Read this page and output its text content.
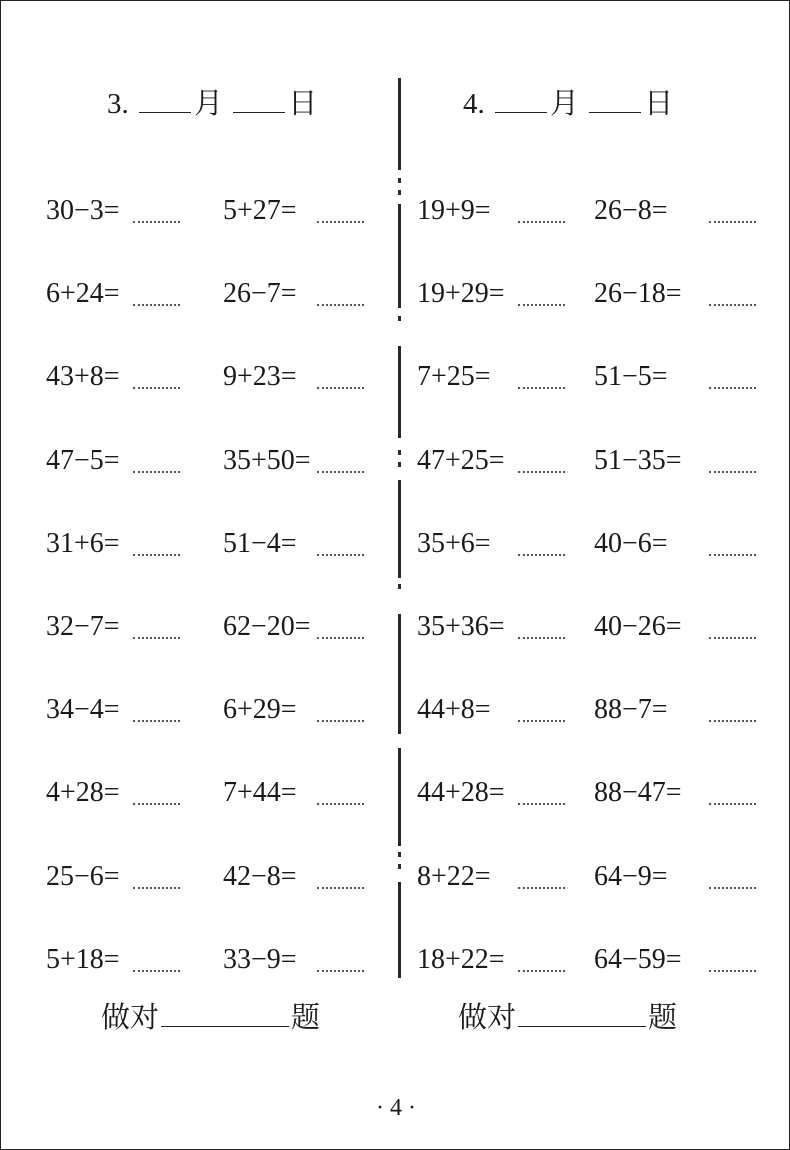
3. 月 日	4. 月 日
30−3=	5+27=
6+24=	26−7=
43+8=	9+23=
47−5=	35+50=
31+6=	51−4=
32−7=	62−20=
34−4=	6+29=
4+28=	7+44=
25−6=	42−8=
5+18=	33−9=
19+9=	26−8=
19+29=	26−18=
7+25=	51−5=
47+25=	51−35=
35+6=	40−6=
35+36=	40−26=
44+8=	88−7=
44+28=	88−47=
8+22=	64−9=
18+22=	64−59=
做对	题	做对	题
· 4 ·
